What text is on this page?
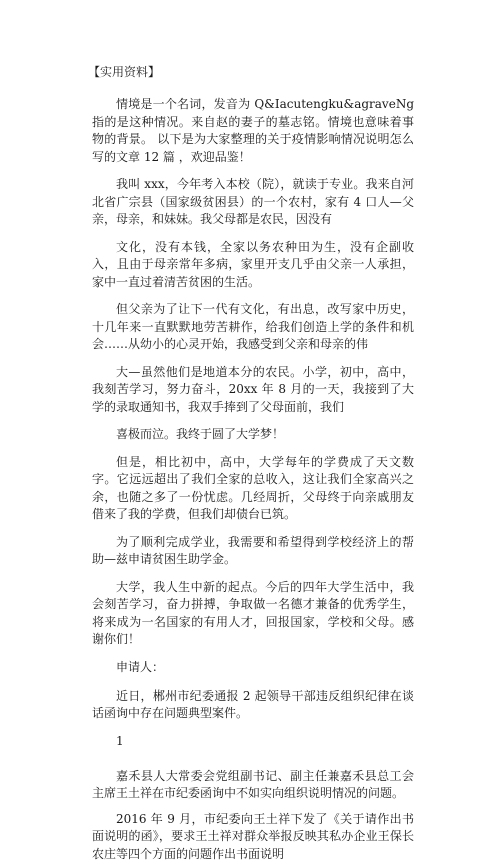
【实用资料】

情境是一个名词，发音为 Q&Iacutengku&agraveNg 指的是这种情况。来自赵的妻子的墓志铭。情境也意味着事物的背景。 以下是为大家整理的关于疫情影响情况说明怎么写的文章 12 篇 ，欢迎品鉴！

我叫 xxx，今年考入本校（院），就读于专业。我来自河北省广宗县（国家级贫困县）的一个农村，家有 4 口人—父亲，母亲，和妹妹。我父母都是农民，因没有

文化，没有本钱，全家以务农种田为生，没有企副收入，且由于母亲常年多病，家里开支几乎由父亲一人承担，家中一直过着清苦贫困的生活。

但父亲为了让下一代有文化，有出息，改写家中历史，十几年来一直默默地劳苦耕作，给我们创造上学的条件和机会……从幼小的心灵开始，我感受到父亲和母亲的伟

大—虽然他们是地道本分的农民。小学，初中，高中，我刻苦学习，努力奋斗，20xx 年 8 月的一天，我接到了大学的录取通知书，我双手捧到了父母面前，我们

喜极而泣。我终于圆了大学梦！

但是，相比初中，高中，大学每年的学费成了天文数字。它远远超出了我们全家的总收入，这让我们全家高兴之余，也随之多了一份忧虑。几经周折，父母终于向亲戚朋友借来了我的学费，但我们却债台已筑。

为了顺利完成学业，我需要和希望得到学校经济上的帮助—兹申请贫困生助学金。

大学，我人生中新的起点。今后的四年大学生活中，我会刻苦学习，奋力拼搏，争取做一名德才兼备的优秀学生，将来成为一名国家的有用人才，回报国家，学校和父母。感谢你们！

申请人：

近日，郴州市纪委通报 2 起领导干部违反组织纪律在谈话函询中存在问题典型案件。

1

嘉禾县人大常委会党组副书记、副主任兼嘉禾县总工会主席王土祥在市纪委函询中不如实向组织说明情况的问题。

2016 年 9 月，市纪委向王土祥下发了《关于请作出书面说明的函》，要求王土祥对群众举报反映其私办企业王保长农庄等四个方面的问题作出书面说明
